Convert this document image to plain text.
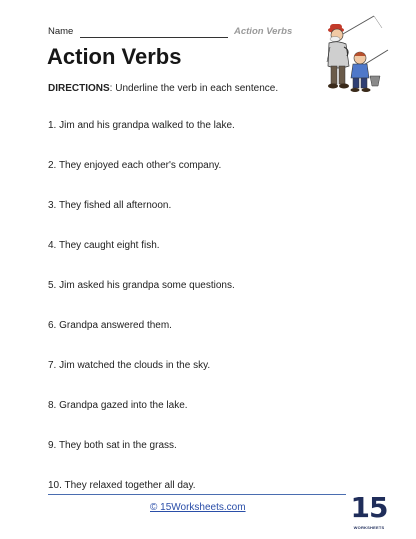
Name	Action Verbs
Action Verbs
DIRECTIONS: Underline the verb in each sentence.
1. Jim and his grandpa walked to the lake.
2. They enjoyed each other's company.
3. They fished all afternoon.
4. They caught eight fish.
5. Jim asked his grandpa some questions.
6. Grandpa answered them.
7. Jim watched the clouds in the sky.
8. Grandpa gazed into the lake.
9. They both sat in the grass.
10. They relaxed together all day.
© 15Worksheets.com	15
WORKSHEETS
